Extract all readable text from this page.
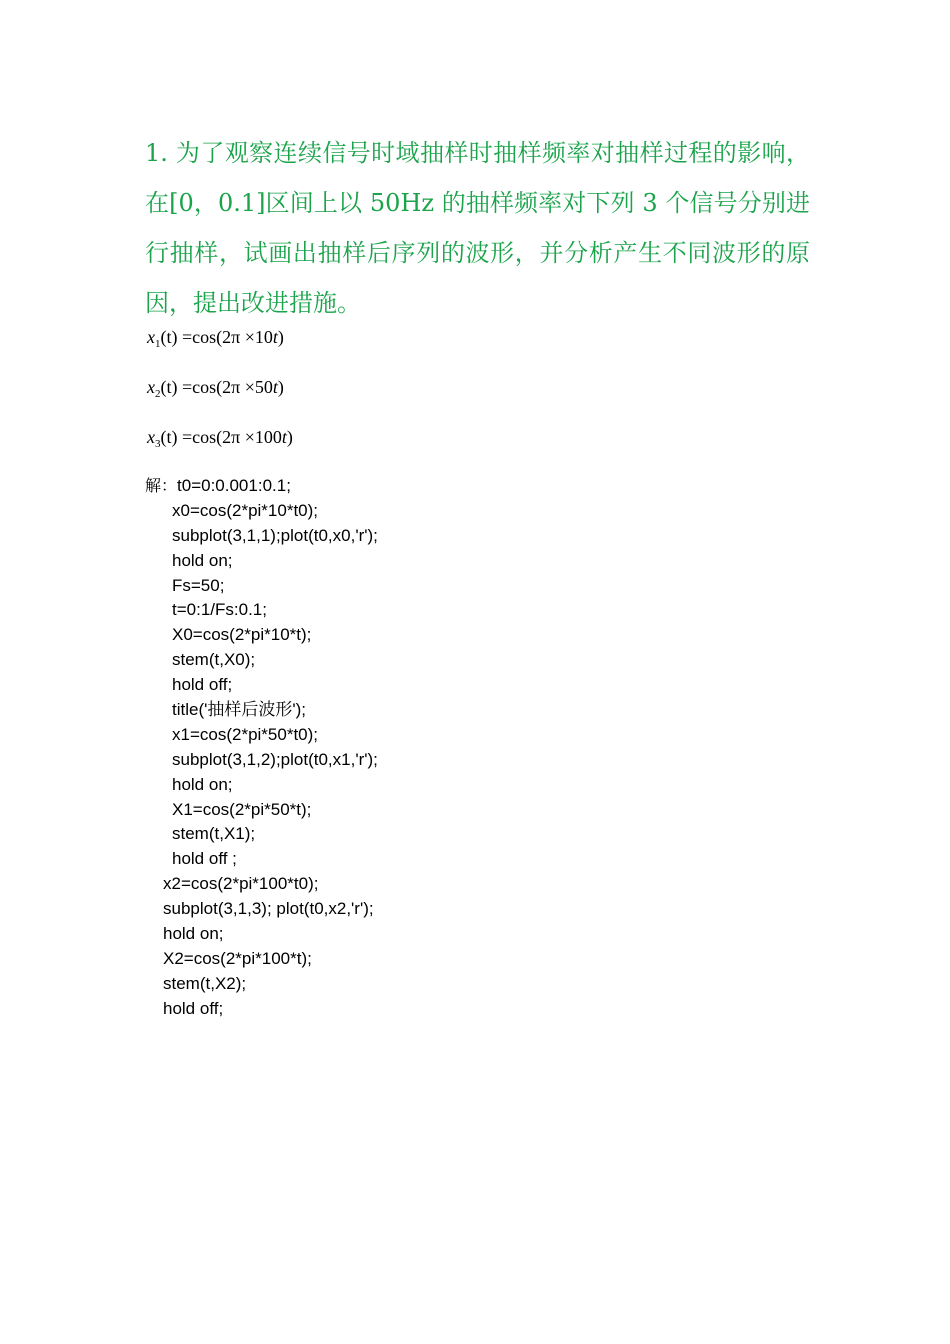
1. 为了观察连续信号时域抽样时抽样频率对抽样过程的影响，在[0，0.1]区间上以 50Hz 的抽样频率对下列 3 个信号分别进行抽样，试画出抽样后序列的波形，并分析产生不同波形的原因，提出改进措施。

$x_1(t) =\cos(2\pi \times 10t)$
$x_2(t) =\cos(2\pi \times 50t)$
$x_3(t) =\cos(2\pi \times 100t)$
解：t0=0:0.001:0.1;
x0=cos(2*pi*10*t0);
subplot(3,1,1);plot(t0,x0,'r');
hold on;
Fs=50;
t=0:1/Fs:0.1;
X0=cos(2*pi*10*t);
stem(t,X0);
hold off;
title('抽样后波形');
x1=cos(2*pi*50*t0);
subplot(3,1,2);plot(t0,x1,'r');
hold on;
X1=cos(2*pi*50*t);
stem(t,X1);
hold off ;
x2=cos(2*pi*100*t0);
subplot(3,1,3); plot(t0,x2,'r');
hold on;
X2=cos(2*pi*100*t);
stem(t,X2);
hold off;
